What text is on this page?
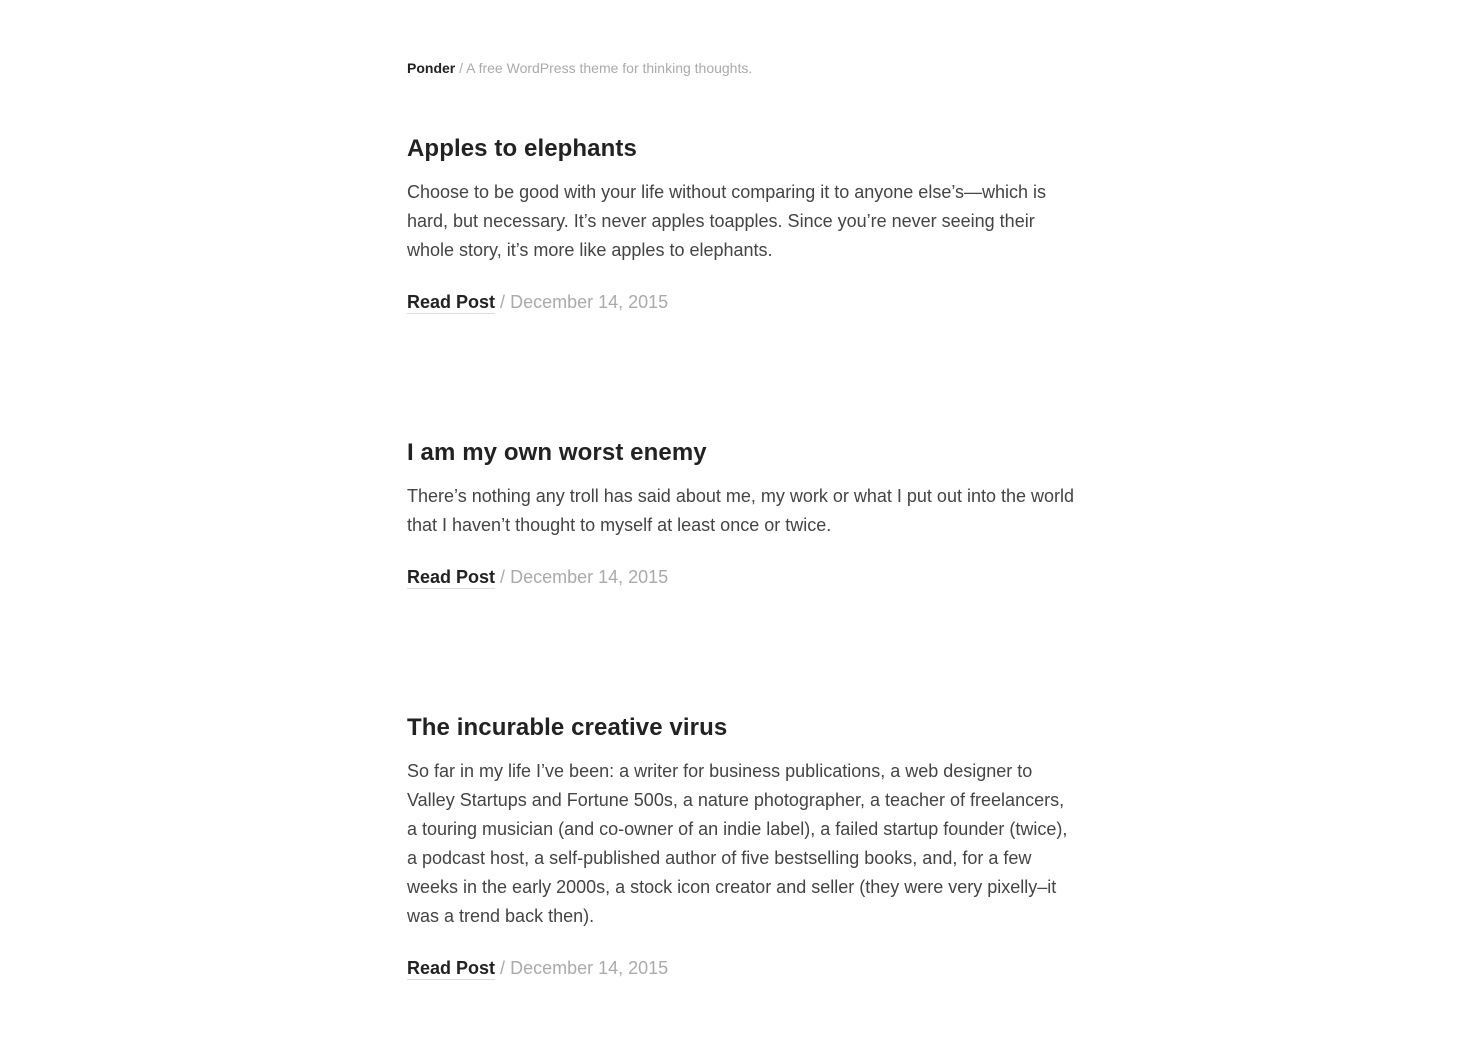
Ponder / A free WordPress theme for thinking thoughts.
Apples to elephants

Choose to be good with your life without comparing it to anyone else’s—which is hard, but necessary. It’s never apples toapples. Since you’re never seeing their whole story, it’s more like apples to elephants.

Read Post / December 14, 2015
I am my own worst enemy

There’s nothing any troll has said about me, my work or what I put out into the world that I haven’t thought to myself at least once or twice.

Read Post / December 14, 2015
The incurable creative virus

So far in my life I’ve been: a writer for business publications, a web designer to Valley Startups and Fortune 500s, a nature photographer, a teacher of freelancers, a touring musician (and co-owner of an indie label), a failed startup founder (twice), a podcast host, a self-published author of five bestselling books, and, for a few weeks in the early 2000s, a stock icon creator and seller (they were very pixelly–it was a trend back then).

Read Post / December 14, 2015
